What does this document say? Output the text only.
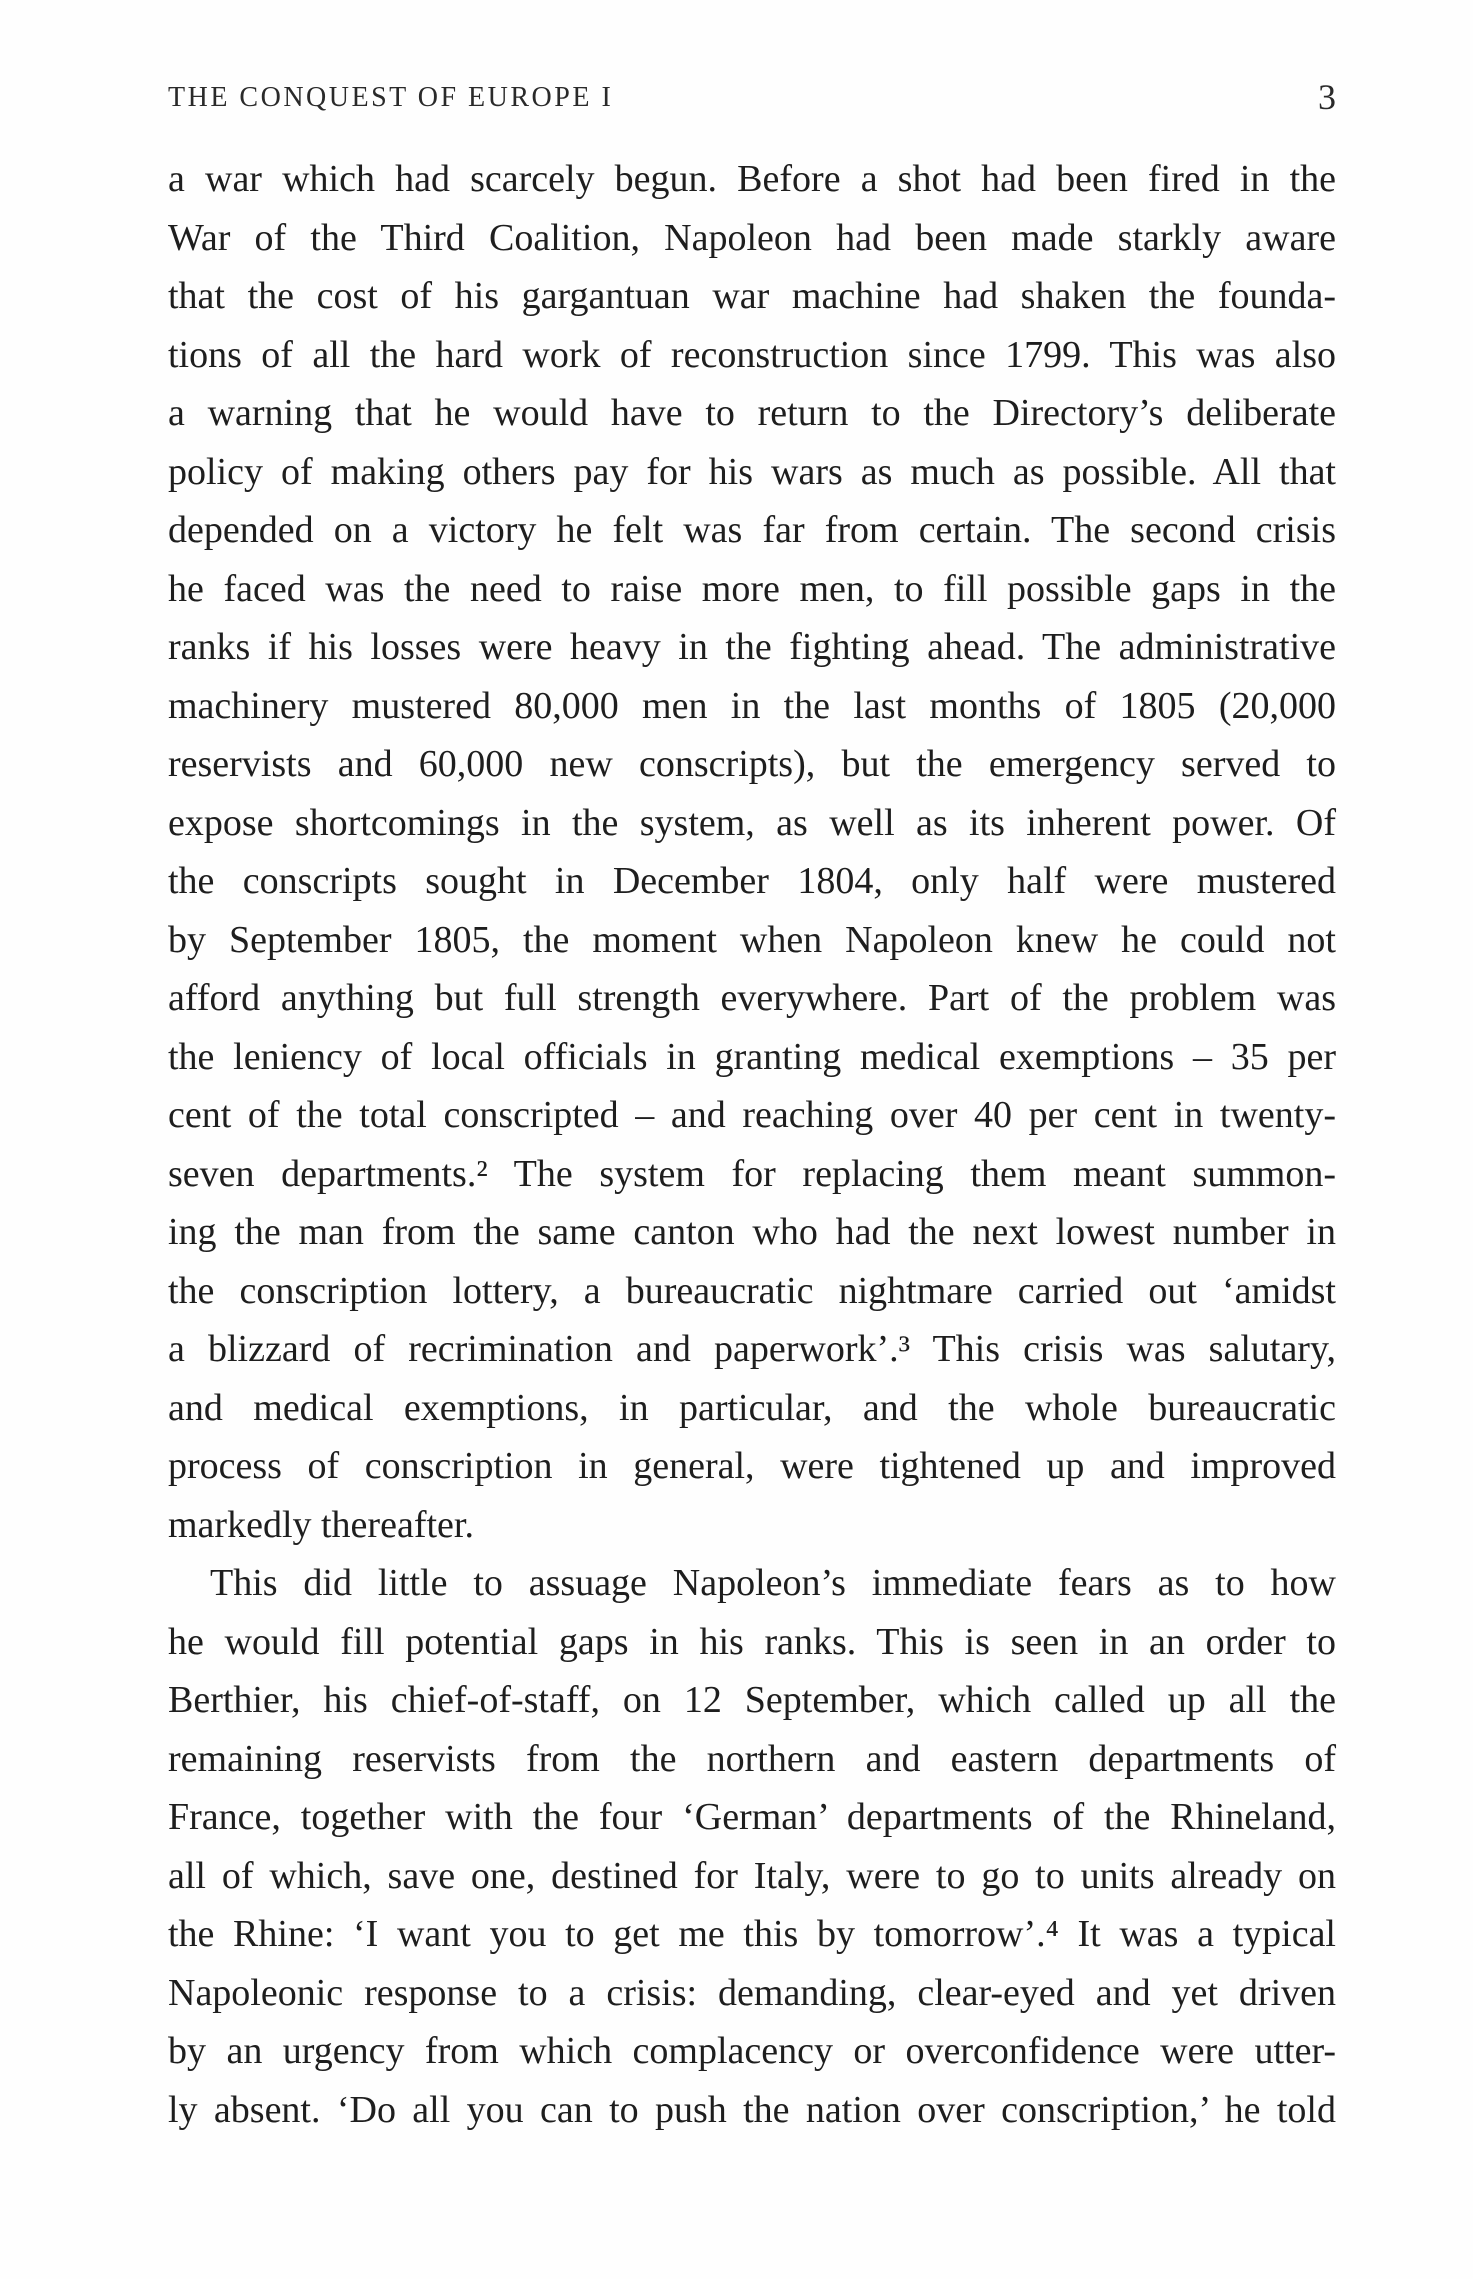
THE CONQUEST OF EUROPE I	3
a war which had scarcely begun. Before a shot had been fired in the
War of the Third Coalition, Napoleon had been made starkly aware
that the cost of his gargantuan war machine had shaken the founda-
tions of all the hard work of reconstruction since 1799. This was also
a warning that he would have to return to the Directory’s deliberate
policy of making others pay for his wars as much as possible. All that
depended on a victory he felt was far from certain. The second crisis
he faced was the need to raise more men, to fill possible gaps in the
ranks if his losses were heavy in the fighting ahead. The administrative
machinery mustered 80,000 men in the last months of 1805 (20,000
reservists and 60,000 new conscripts), but the emergency served to
expose shortcomings in the system, as well as its inherent power. Of
the conscripts sought in December 1804, only half were mustered
by September 1805, the moment when Napoleon knew he could not
afford anything but full strength everywhere. Part of the problem was
the leniency of local officials in granting medical exemptions – 35 per
cent of the total conscripted – and reaching over 40 per cent in twenty-
seven departments.² The system for replacing them meant summon-
ing the man from the same canton who had the next lowest number in
the conscription lottery, a bureaucratic nightmare carried out ‘amidst
a blizzard of recrimination and paperwork’.³ This crisis was salutary,
and medical exemptions, in particular, and the whole bureaucratic
process of conscription in general, were tightened up and improved
markedly thereafter.
This did little to assuage Napoleon’s immediate fears as to how
he would fill potential gaps in his ranks. This is seen in an order to
Berthier, his chief-of-staff, on 12 September, which called up all the
remaining reservists from the northern and eastern departments of
France, together with the four ‘German’ departments of the Rhineland,
all of which, save one, destined for Italy, were to go to units already on
the Rhine: ‘I want you to get me this by tomorrow’.⁴ It was a typical
Napoleonic response to a crisis: demanding, clear-eyed and yet driven
by an urgency from which complacency or overconfidence were utter-
ly absent. ‘Do all you can to push the nation over conscription,’ he told
